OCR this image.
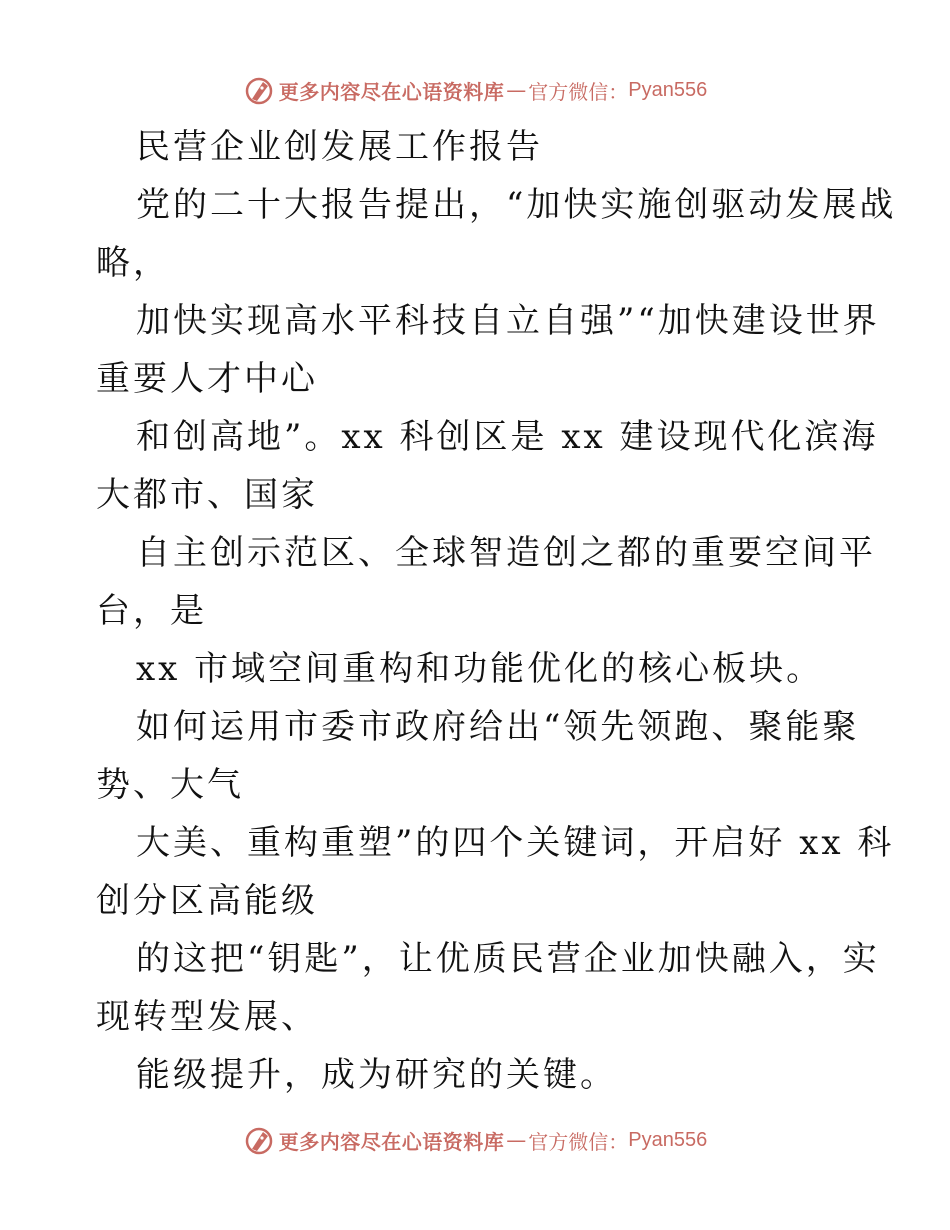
更多内容尽在心语资料库 — 官方微信： Pyan556
民营企业创发展工作报告
党的二十大报告提出，“加快实施创驱动发展战
略，
加快实现高水平科技自立自强”“加快建设世界
重要人才中心
和创高地”。xx 科创区是 xx 建设现代化滨海
大都市、国家
自主创示范区、全球智造创之都的重要空间平
台，是
xx 市域空间重构和功能优化的核心板块。
如何运用市委市政府给出“领先领跑、聚能聚
势、大气
大美、重构重塑”的四个关键词，开启好 xx 科
创分区高能级
的这把“钥匙”，让优质民营企业加快融入，实
现转型发展、
能级提升，成为研究的关键。
更多内容尽在心语资料库 — 官方微信： Pyan556
